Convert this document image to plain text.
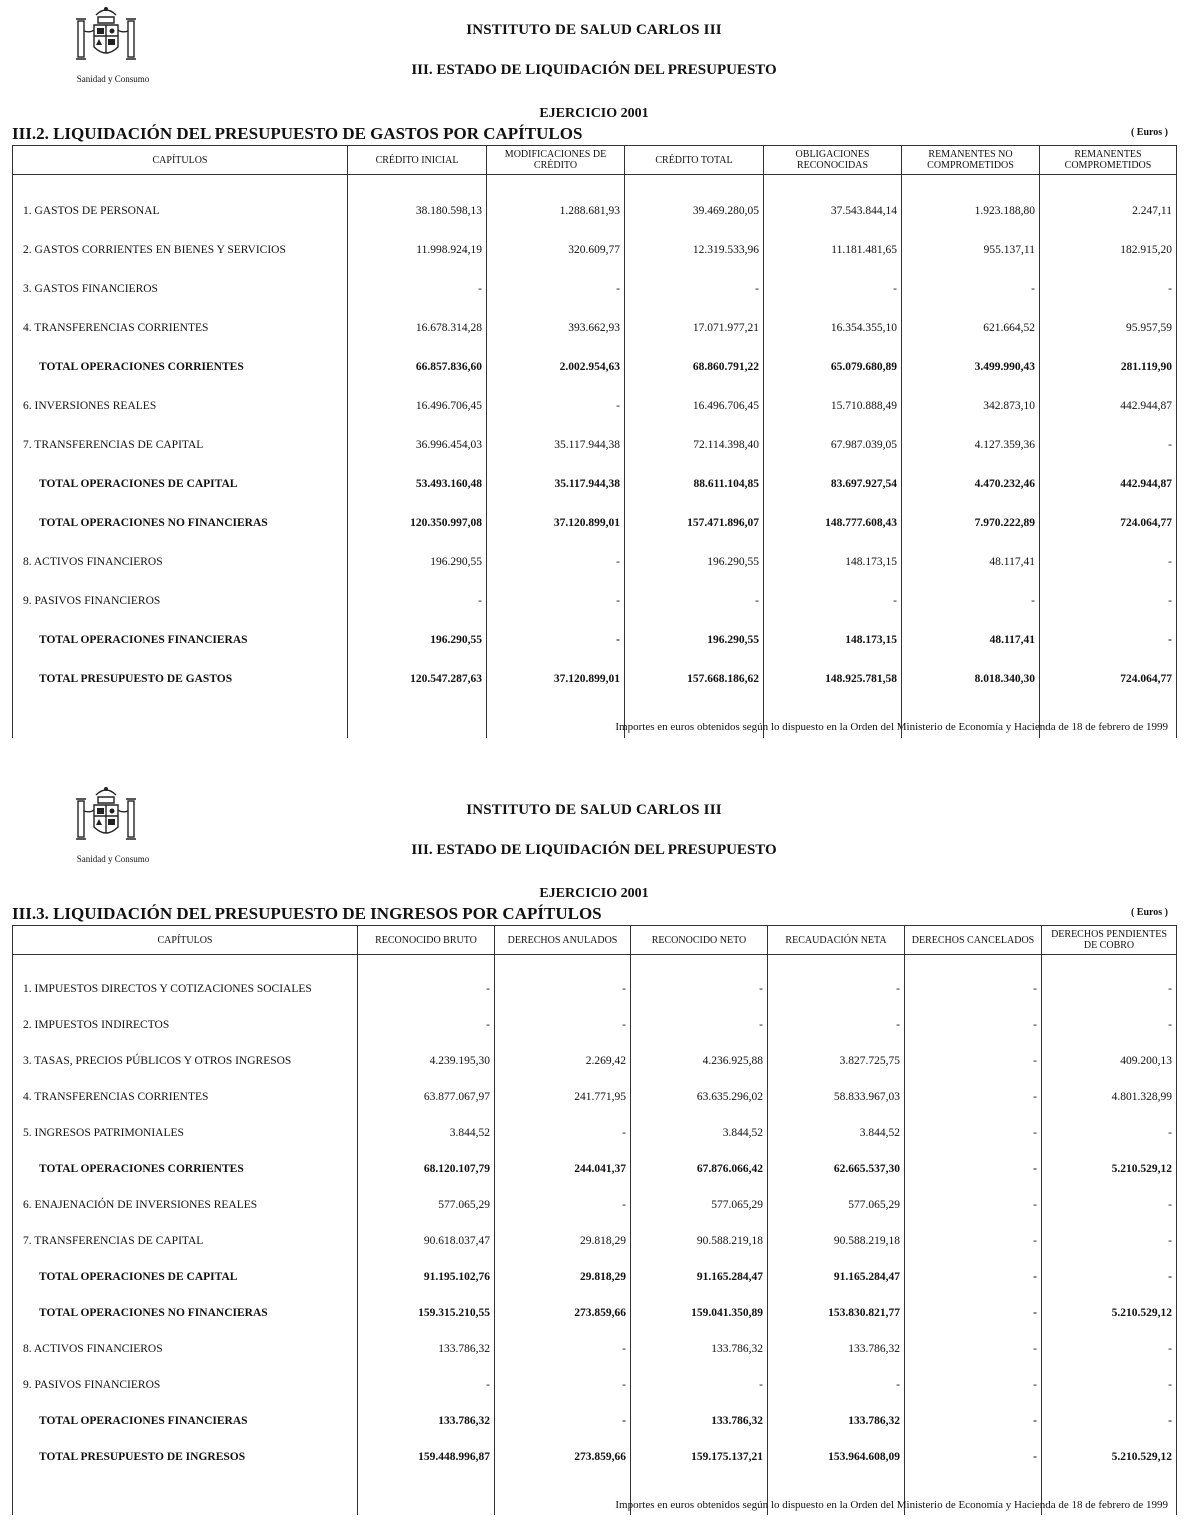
Sanidad y Consumo
INSTITUTO DE SALUD CARLOS III
III. ESTADO DE LIQUIDACIÓN DEL PRESUPUESTO
EJERCICIO 2001
III.2. LIQUIDACIÓN DEL PRESUPUESTO DE GASTOS POR CAPÍTULOS	( Euros )
CAPÍTULOS	CRÉDITO INICIAL	MODIFICACIONES DE CRÉDITO	CRÉDITO TOTAL	OBLIGACIONES RECONOCIDAS	REMANENTES NO COMPROMETIDOS	REMANENTES COMPROMETIDOS

1. GASTOS DE PERSONAL	38.180.598,13	1.288.681,93	39.469.280,05	37.543.844,14	1.923.188,80	2.247,11
2. GASTOS CORRIENTES EN BIENES Y SERVICIOS	11.998.924,19	320.609,77	12.319.533,96	11.181.481,65	955.137,11	182.915,20
3. GASTOS FINANCIEROS	-	-	-	-	-	-
4. TRANSFERENCIAS CORRIENTES	16.678.314,28	393.662,93	17.071.977,21	16.354.355,10	621.664,52	95.957,59
TOTAL OPERACIONES CORRIENTES	66.857.836,60	2.002.954,63	68.860.791,22	65.079.680,89	3.499.990,43	281.119,90
6. INVERSIONES REALES	16.496.706,45	-	16.496.706,45	15.710.888,49	342.873,10	442.944,87
7. TRANSFERENCIAS DE CAPITAL	36.996.454,03	35.117.944,38	72.114.398,40	67.987.039,05	4.127.359,36	-
TOTAL OPERACIONES DE CAPITAL	53.493.160,48	35.117.944,38	88.611.104,85	83.697.927,54	4.470.232,46	442.944,87
TOTAL OPERACIONES NO FINANCIERAS	120.350.997,08	37.120.899,01	157.471.896,07	148.777.608,43	7.970.222,89	724.064,77
8. ACTIVOS FINANCIEROS	196.290,55	-	196.290,55	148.173,15	48.117,41	-
9. PASIVOS FINANCIEROS	-	-	-	-	-	-
TOTAL OPERACIONES FINANCIERAS	196.290,55	-	196.290,55	148.173,15	48.117,41	-
TOTAL PRESUPUESTO DE GASTOS	120.547.287,63	37.120.899,01	157.668.186,62	148.925.781,58	8.018.340,30	724.064,77

Importes en euros obtenidos según lo dispuesto en la Orden del Ministerio de Economía y Hacienda de 18 de febrero de 1999
Sanidad y Consumo
INSTITUTO DE SALUD CARLOS III
III. ESTADO DE LIQUIDACIÓN DEL PRESUPUESTO
EJERCICIO 2001
III.3. LIQUIDACIÓN DEL PRESUPUESTO DE INGRESOS POR CAPÍTULOS	( Euros )
CAPÍTULOS	RECONOCIDO BRUTO	DERECHOS ANULADOS	RECONOCIDO NETO	RECAUDACIÓN NETA	DERECHOS CANCELADOS	DERECHOS PENDIENTES DE COBRO

1. IMPUESTOS DIRECTOS Y COTIZACIONES SOCIALES	-	-	-	-	-	-
2. IMPUESTOS INDIRECTOS	-	-	-	-	-	-
3. TASAS, PRECIOS PÚBLICOS Y OTROS INGRESOS	4.239.195,30	2.269,42	4.236.925,88	3.827.725,75	-	409.200,13
4. TRANSFERENCIAS CORRIENTES	63.877.067,97	241.771,95	63.635.296,02	58.833.967,03	-	4.801.328,99
5. INGRESOS PATRIMONIALES	3.844,52	-	3.844,52	3.844,52	-	-
TOTAL OPERACIONES CORRIENTES	68.120.107,79	244.041,37	67.876.066,42	62.665.537,30	-	5.210.529,12
6. ENAJENACIÓN DE INVERSIONES REALES	577.065,29	-	577.065,29	577.065,29	-	-
7. TRANSFERENCIAS DE CAPITAL	90.618.037,47	29.818,29	90.588.219,18	90.588.219,18	-	-
TOTAL OPERACIONES DE CAPITAL	91.195.102,76	29.818,29	91.165.284,47	91.165.284,47	-	-
TOTAL OPERACIONES NO FINANCIERAS	159.315.210,55	273.859,66	159.041.350,89	153.830.821,77	-	5.210.529,12
8. ACTIVOS FINANCIEROS	133.786,32	-	133.786,32	133.786,32	-	-
9. PASIVOS FINANCIEROS	-	-	-	-	-	-
TOTAL OPERACIONES FINANCIERAS	133.786,32	-	133.786,32	133.786,32	-	-
TOTAL PRESUPUESTO DE INGRESOS	159.448.996,87	273.859,66	159.175.137,21	153.964.608,09	-	5.210.529,12

Importes en euros obtenidos según lo dispuesto en la Orden del Ministerio de Economía y Hacienda de 18 de febrero de 1999
